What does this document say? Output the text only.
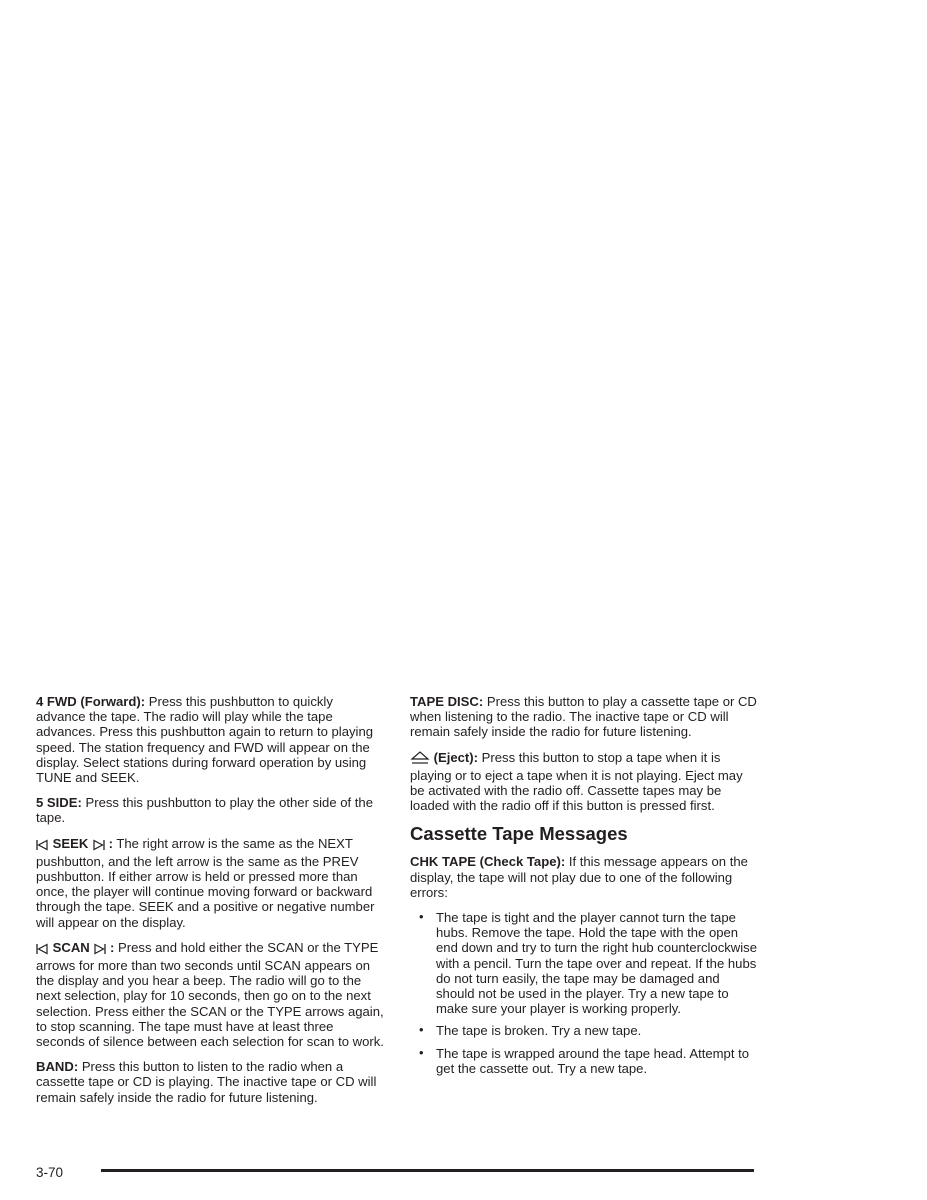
4 FWD (Forward): Press this pushbutton to quickly advance the tape. The radio will play while the tape advances. Press this pushbutton again to return to playing speed. The station frequency and FWD will appear on the display. Select stations during forward operation by using TUNE and SEEK.

5 SIDE: Press this pushbutton to play the other side of the tape.

SEEK : The right arrow is the same as the NEXT pushbutton, and the left arrow is the same as the PREV pushbutton. If either arrow is held or pressed more than once, the player will continue moving forward or backward through the tape. SEEK and a positive or negative number will appear on the display.

SCAN : Press and hold either the SCAN or the TYPE arrows for more than two seconds until SCAN appears on the display and you hear a beep. The radio will go to the next selection, play for 10 seconds, then go on to the next selection. Press either the SCAN or the TYPE arrows again, to stop scanning. The tape must have at least three seconds of silence between each selection for scan to work.

BAND: Press this button to listen to the radio when a cassette tape or CD is playing. The inactive tape or CD will remain safely inside the radio for future listening.

TAPE DISC: Press this button to play a cassette tape or CD when listening to the radio. The inactive tape or CD will remain safely inside the radio for future listening.

(Eject): Press this button to stop a tape when it is playing or to eject a tape when it is not playing. Eject may be activated with the radio off. Cassette tapes may be loaded with the radio off if this button is pressed first.

Cassette Tape Messages

CHK TAPE (Check Tape): If this message appears on the display, the tape will not play due to one of the following errors:

• The tape is tight and the player cannot turn the tape hubs. Remove the tape. Hold the tape with the open end down and try to turn the right hub counterclockwise with a pencil. Turn the tape over and repeat. If the hubs do not turn easily, the tape may be damaged and should not be used in the player. Try a new tape to make sure your player is working properly.
• The tape is broken. Try a new tape.
• The tape is wrapped around the tape head. Attempt to get the cassette out. Try a new tape.
3-70
